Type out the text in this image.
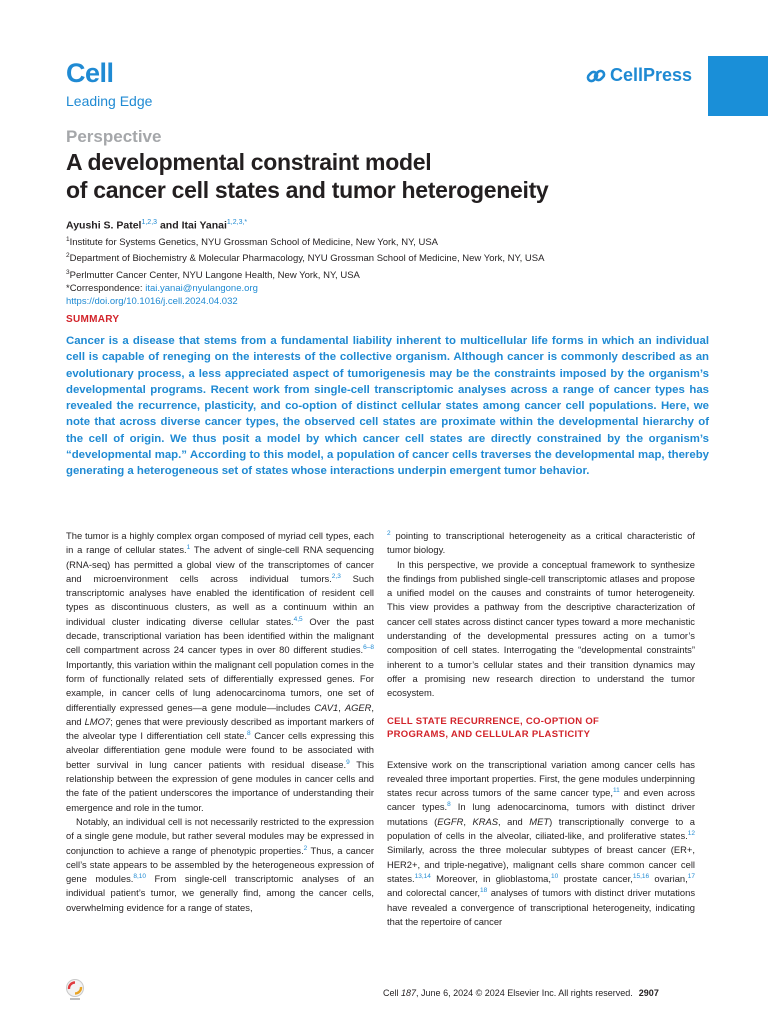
Cell
Leading Edge
CellPress
Perspective
A developmental constraint model
of cancer cell states and tumor heterogeneity
Ayushi S. Patel$^{1,2,3}$ and Itai Yanai$^{1,2,3,*}$
$^1$Institute for Systems Genetics, NYU Grossman School of Medicine, New York, NY, USA
$^2$Department of Biochemistry & Molecular Pharmacology, NYU Grossman School of Medicine, New York, NY, USA
$^3$Perlmutter Cancer Center, NYU Langone Health, New York, NY, USA
*Correspondence: itai.yanai@nyulangone.org
https://doi.org/10.1016/j.cell.2024.04.032
SUMMARY

Cancer is a disease that stems from a fundamental liability inherent to multicellular life forms in which an individual cell is capable of reneging on the interests of the collective organism. Although cancer is commonly described as an evolutionary process, a less appreciated aspect of tumorigenesis may be the constraints imposed by the organism’s developmental programs. Recent work from single-cell transcriptomic analyses across a range of cancer types has revealed the recurrence, plasticity, and co-option of distinct cellular states among cancer cell populations. Here, we note that across diverse cancer types, the observed cell states are proximate within the developmental hierarchy of the cell of origin. We thus posit a model by which cancer cell states are directly constrained by the organism’s “developmental map.” According to this model, a population of cancer cells traverses the developmental map, thereby generating a heterogeneous set of states whose interactions underpin emergent tumor behavior.

The tumor is a highly complex organ composed of myriad cell types, each in a range of cellular states.$^1$ The advent of single-cell RNA sequencing (RNA-seq) has permitted a global view of the transcriptomes of cancer and microenvironment cells across individual tumors.$^{2,3}$ Such transcriptomic analyses have enabled the identification of resident cell types as discontinuous clusters, as well as a continuum within an individual cluster indicating diverse cellular states.$^{4,5}$ Over the past decade, transcriptional variation has been identified within the malignant cell compartment across 24 cancer types in over 80 different studies.$^{6-8}$ Importantly, this variation within the malignant cell population comes in the form of functionally related sets of differentially expressed genes. For example, in cancer cells of lung adenocarcinoma tumors, one set of differentially expressed genes—a gene module—includes CAV1, AGER, and LMO7; genes that were previously described as important markers of the alveolar type I differentiation cell state.$^8$ Cancer cells expressing this alveolar differentiation gene module were found to be associated with better survival in lung cancer patients with residual disease.$^9$ This relationship between the expression of gene modules in cancer cells and the fate of the patient underscores the importance of understanding their emergence and role in the tumor.

Notably, an individual cell is not necessarily restricted to the expression of a single gene module, but rather several modules may be expressed in conjunction to achieve a range of phenotypic properties.$^2$ Thus, a cancer cell’s state appears to be assembled by the heterogeneous expression of gene modules.$^{8,10}$ From single-cell transcriptomic analyses of an individual patient’s tumor, we generally find, among the cancer cells, overwhelming evidence for a range of states,

$^2$ pointing to transcriptional heterogeneity as a critical characteristic of tumor biology.

In this perspective, we provide a conceptual framework to synthesize the findings from published single-cell transcriptomic atlases and propose a unified model on the causes and constraints of tumor heterogeneity. This view provides a pathway from the descriptive characterization of cancer cell states across distinct cancer types toward a more mechanistic understanding of the developmental pressures acting on a tumor’s composition of cell states. Interrogating the “developmental constraints” inherent to a tumor’s cellular states and their transition dynamics may offer a promising new research direction to understand the tumor ecosystem.

CELL STATE RECURRENCE, CO-OPTION OF
PROGRAMS, AND CELLULAR PLASTICITY

Extensive work on the transcriptional variation among cancer cells has revealed three important properties. First, the gene modules underpinning states recur across tumors of the same cancer type,$^{11}$ and even across cancer types.$^8$ In lung adenocarcinoma, tumors with distinct driver mutations (EGFR, KRAS, and MET) transcriptionally converge to a population of cells in the alveolar, ciliated-like, and proliferative states.$^{12}$ Similarly, across the three molecular subtypes of breast cancer (ER+, HER2+, and triple-negative), malignant cells share common cancer cell states.$^{13,14}$ Moreover, in glioblastoma,$^{10}$ prostate cancer,$^{15,16}$ ovarian,$^{17}$ and colorectal cancer,$^{18}$ analyses of tumors with distinct driver mutations have revealed a convergence of transcriptional heterogeneity, indicating that the repertoire of cancer

Cell 187, June 6, 2024 © 2024 Elsevier Inc. All rights reserved. 2907
